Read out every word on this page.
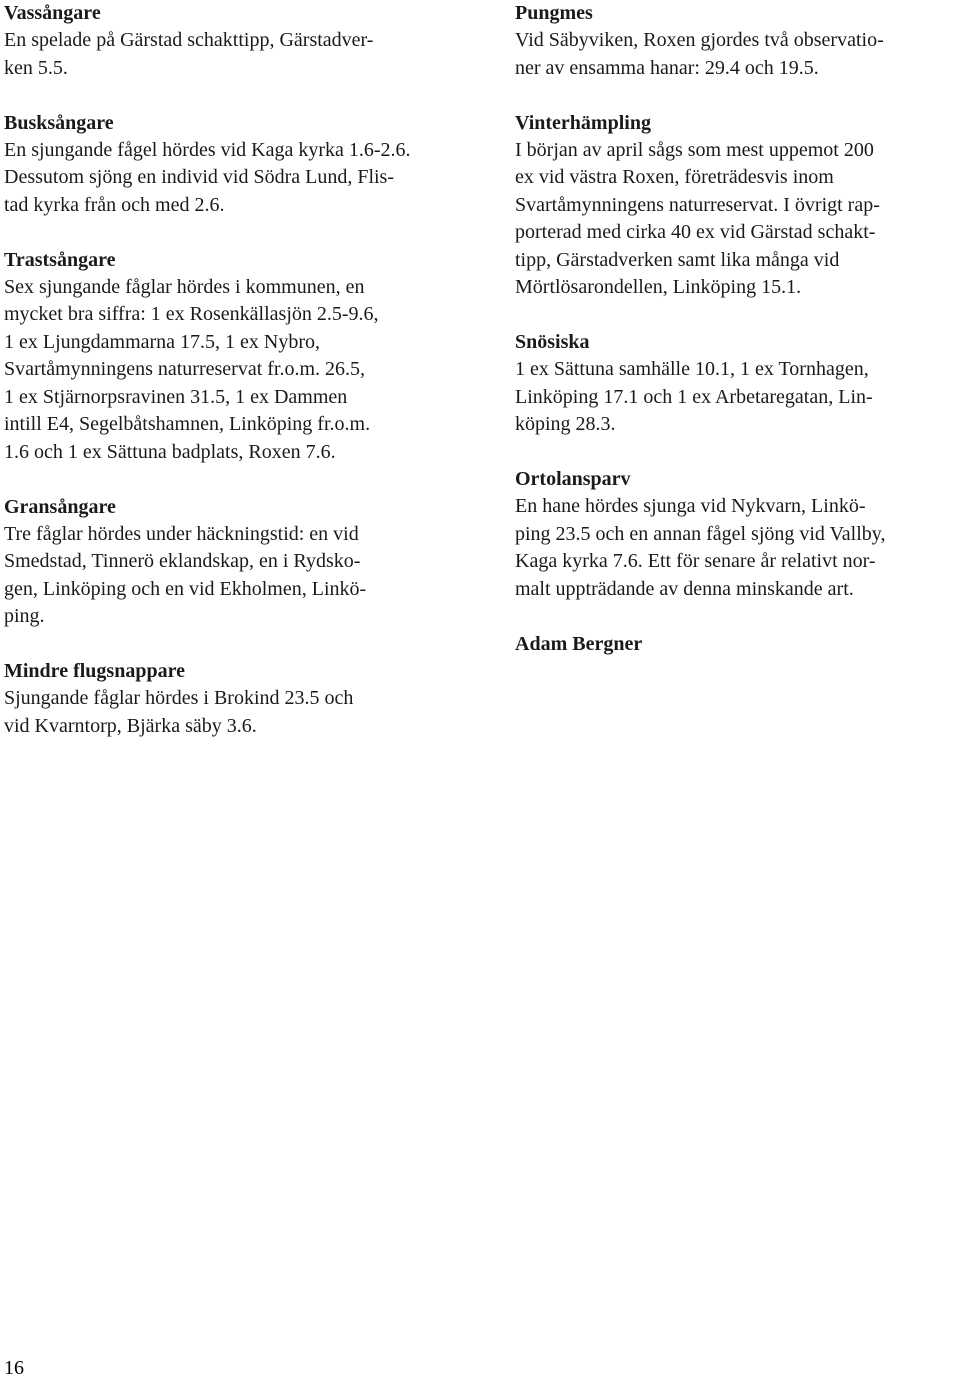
Vassångare
En spelade på Gärstad schakttipp, Gärstadver-
ken 5.5.
Busksångare
En sjungande fågel hördes vid Kaga kyrka 1.6-2.6.
Dessutom sjöng en individ vid Södra Lund, Flis-
tad kyrka från och med 2.6.
Trastsångare
Sex sjungande fåglar hördes i kommunen, en
mycket bra siffra: 1 ex Rosenkällasjön 2.5-9.6,
1 ex Ljungdammarna 17.5, 1 ex Nybro,
Svartåmynningens naturreservat fr.o.m. 26.5,
1 ex Stjärnorpsravinen 31.5, 1 ex Dammen
intill E4, Segelbåtshamnen, Linköping fr.o.m.
1.6 och 1 ex Sättuna badplats, Roxen 7.6.
Gransångare
Tre fåglar hördes under häckningstid: en vid
Smedstad, Tinnerö eklandskap, en i Rydsko-
gen, Linköping och en vid Ekholmen, Linkö-
ping.
Mindre flugsnappare
Sjungande fåglar hördes i Brokind 23.5 och
vid Kvarntorp, Bjärka säby 3.6.
Pungmes
Vid Säbyviken, Roxen gjordes två observatio-
ner av ensamma hanar: 29.4 och 19.5.
Vinterhämpling
I början av april sågs som mest uppemot 200
ex vid västra Roxen, företrädesvis inom
Svartåmynningens naturreservat. I övrigt rap-
porterad med cirka 40 ex vid Gärstad schakt-
tipp, Gärstadverken samt lika många vid
Mörtlösarondellen, Linköping 15.1.
Snösiska
1 ex Sättuna samhälle 10.1, 1 ex Tornhagen,
Linköping 17.1 och 1 ex Arbetaregatan, Lin-
köping 28.3.
Ortolansparv
En hane hördes sjunga vid Nykvarn, Linkö-
ping 23.5 och en annan fågel sjöng vid Vallby,
Kaga kyrka 7.6. Ett för senare år relativt nor-
malt uppträdande av denna minskande art.
Adam Bergner
16
